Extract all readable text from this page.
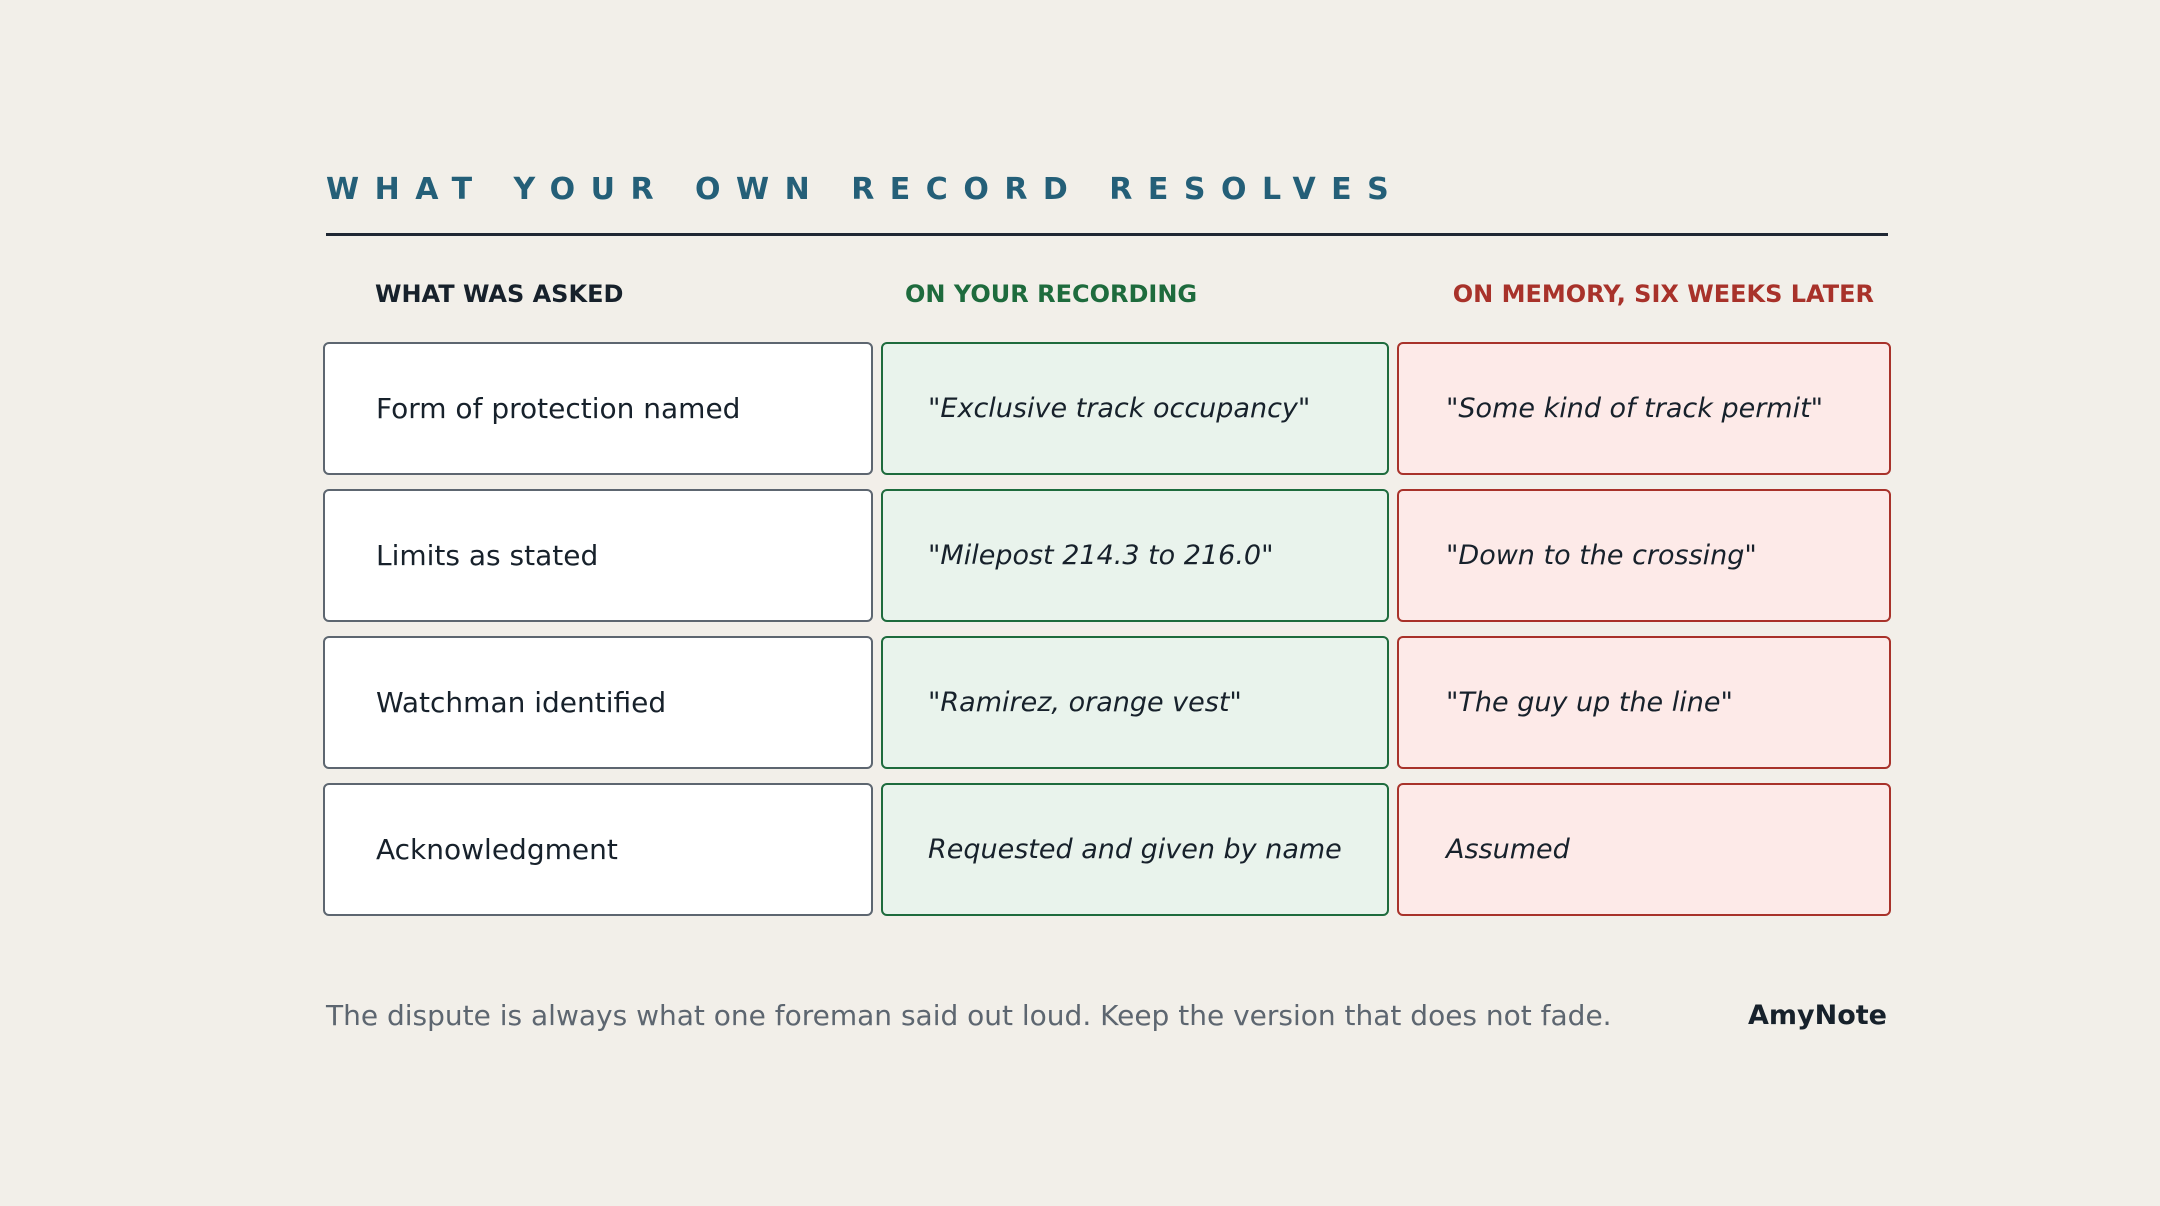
WHAT YOUR OWN RECORD RESOLVES
WHAT WAS ASKED	ON YOUR RECORDING	ON MEMORY, SIX WEEKS LATER
Form of protection named	"Exclusive track occupancy"	"Some kind of track permit"
Limits as stated	"Milepost 214.3 to 216.0"	"Down to the crossing"
Watchman identified	"Ramirez, orange vest"	"The guy up the line"
Acknowledgment	Requested and given by name	Assumed
The dispute is always what one foreman said out loud. Keep the version that does not fade.	AmyNote
